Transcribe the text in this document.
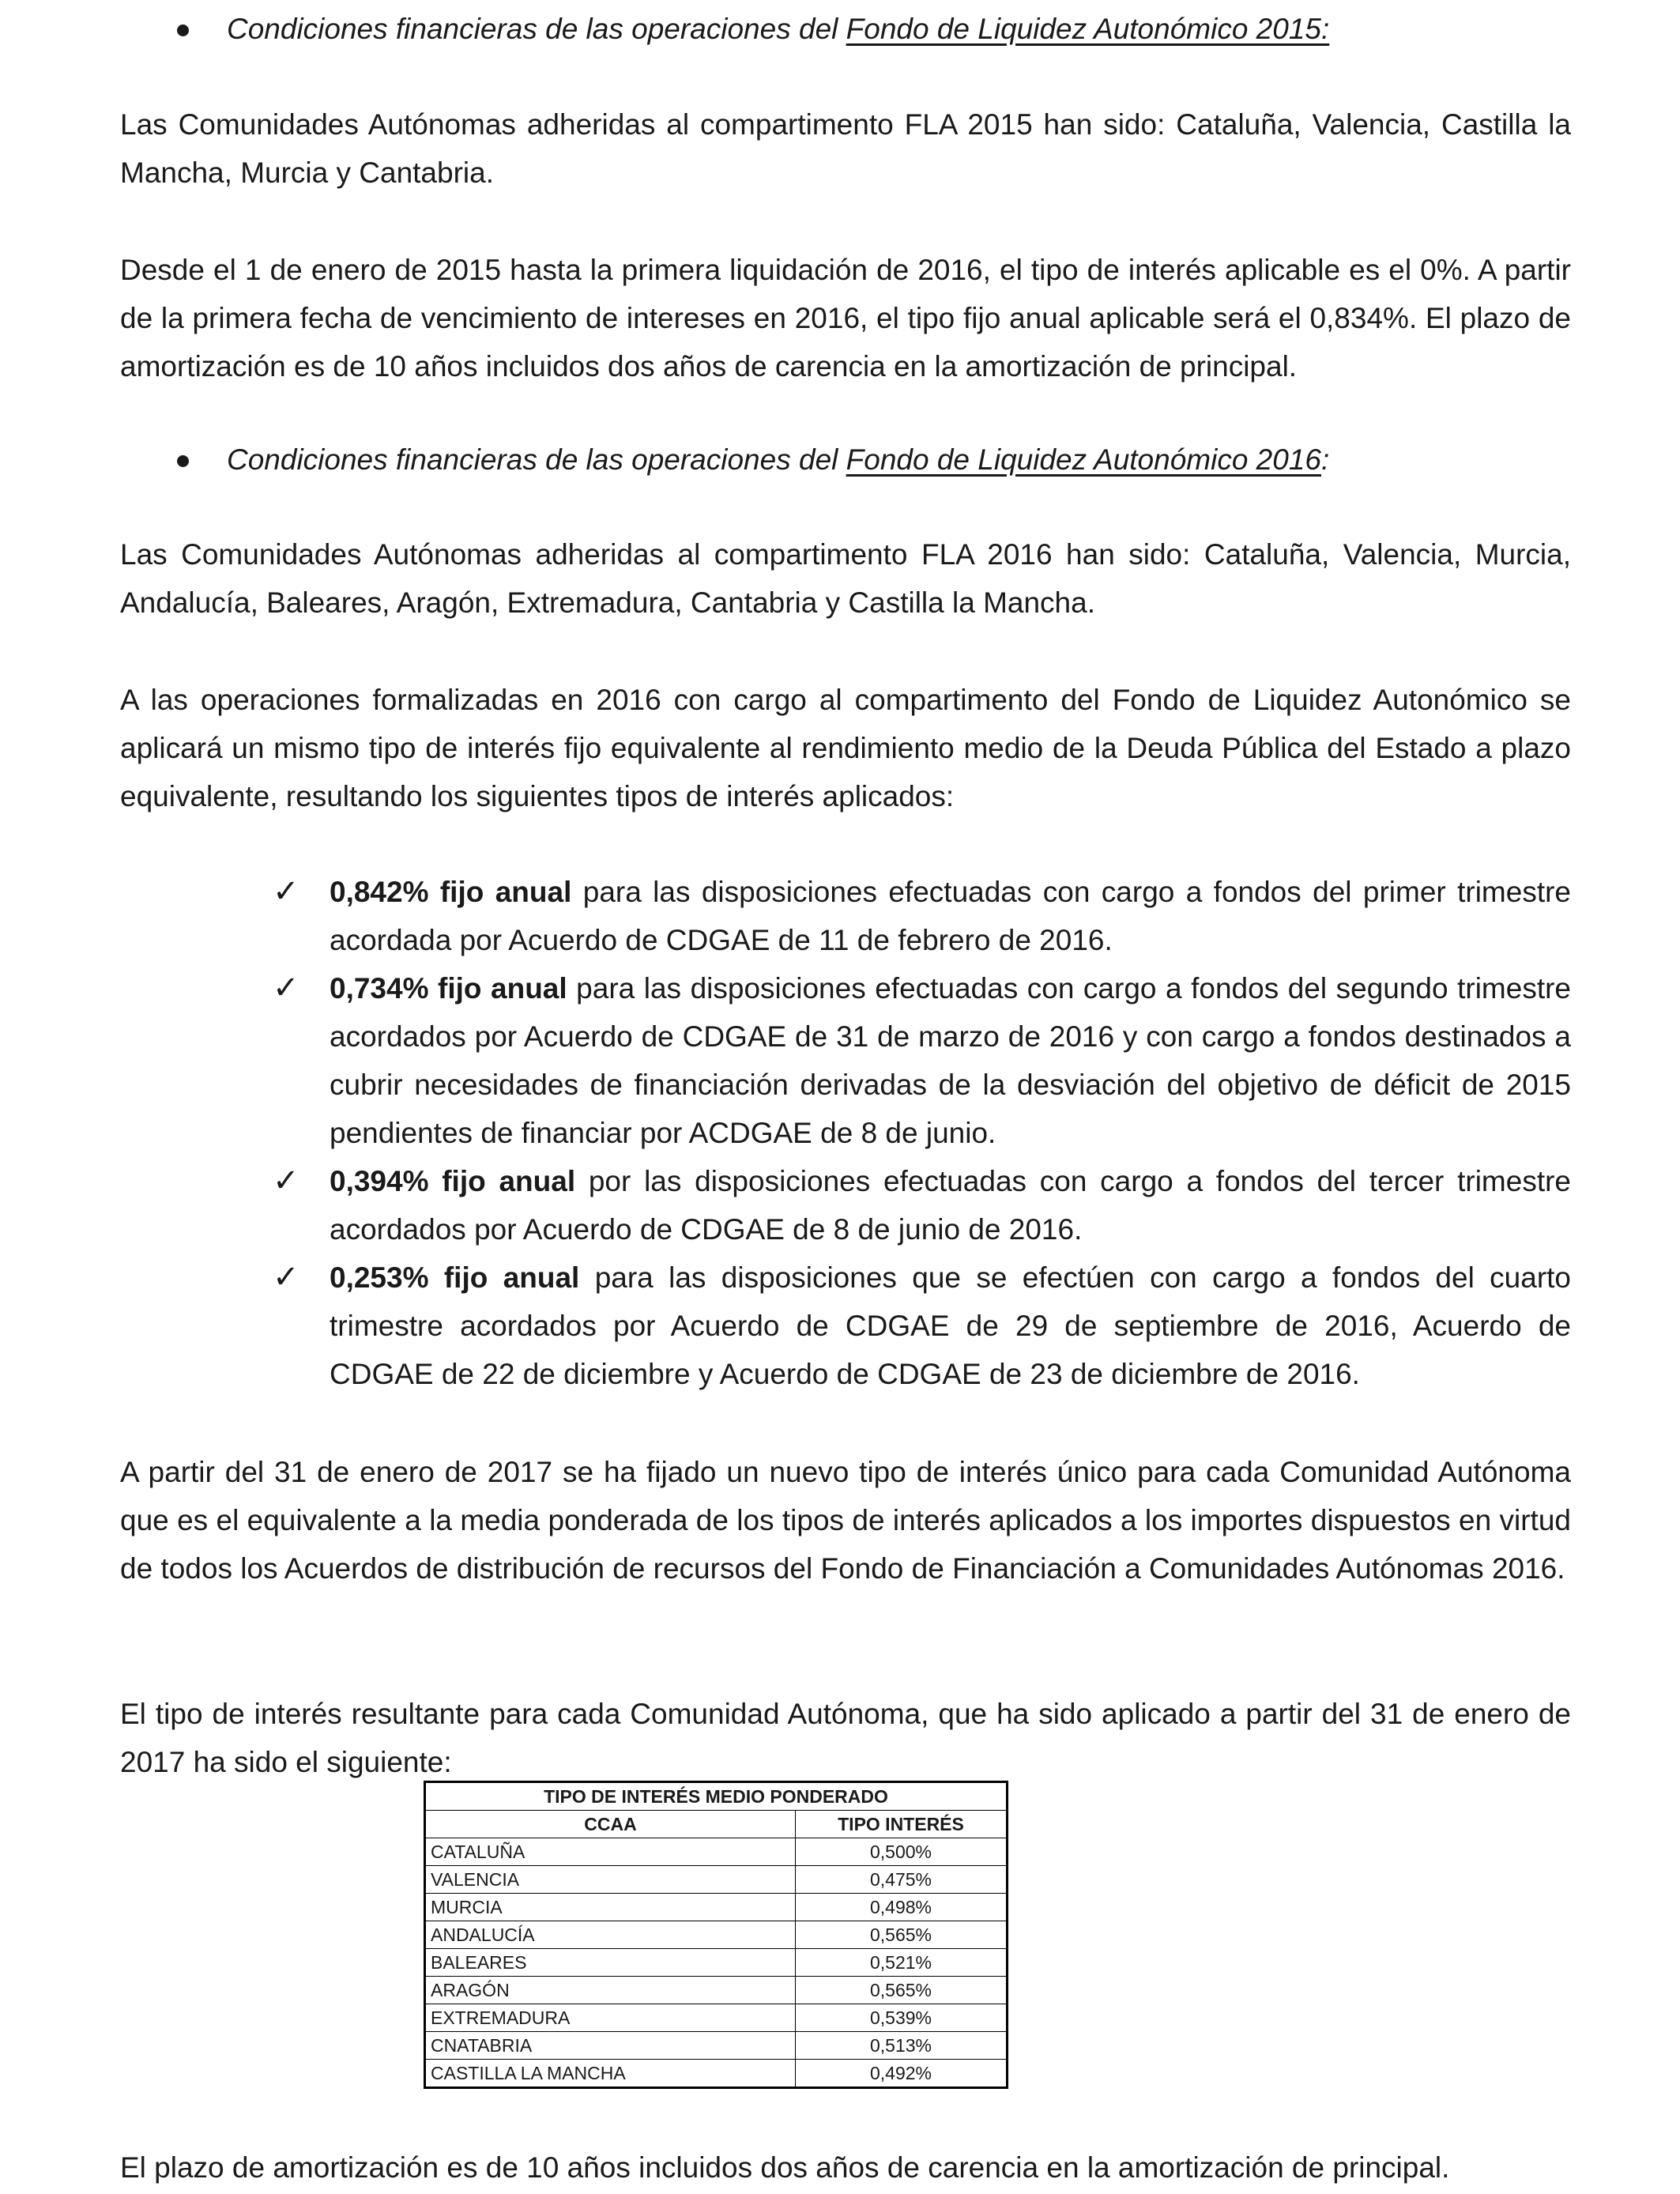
Condiciones financieras de las operaciones del Fondo de Liquidez Autonómico 2015:

Las Comunidades Autónomas adheridas al compartimento FLA 2015 han sido: Cataluña, Valencia, Castilla la Mancha, Murcia y Cantabria.

Desde el 1 de enero de 2015 hasta la primera liquidación de 2016, el tipo de interés aplicable es el 0%. A partir de la primera fecha de vencimiento de intereses en 2016, el tipo fijo anual aplicable será el 0,834%. El plazo de amortización es de 10 años incluidos dos años de carencia en la amortización de principal.

Condiciones financieras de las operaciones del Fondo de Liquidez Autonómico 2016:

Las Comunidades Autónomas adheridas al compartimento FLA 2016 han sido: Cataluña, Valencia, Murcia, Andalucía, Baleares, Aragón, Extremadura, Cantabria y Castilla la Mancha.

A las operaciones formalizadas en 2016 con cargo al compartimento del Fondo de Liquidez Autonómico se aplicará un mismo tipo de interés fijo equivalente al rendimiento medio de la Deuda Pública del Estado a plazo equivalente, resultando los siguientes tipos de interés aplicados:

✓ 0,842% fijo anual para las disposiciones efectuadas con cargo a fondos del primer trimestre acordada por Acuerdo de CDGAE de 11 de febrero de 2016.

✓ 0,734% fijo anual para las disposiciones efectuadas con cargo a fondos del segundo trimestre acordados por Acuerdo de CDGAE de 31 de marzo de 2016 y con cargo a fondos destinados a cubrir necesidades de financiación derivadas de la desviación del objetivo de déficit de 2015 pendientes de financiar por ACDGAE de 8 de junio.

✓ 0,394% fijo anual por las disposiciones efectuadas con cargo a fondos del tercer trimestre acordados por Acuerdo de CDGAE de 8 de junio de 2016.

✓ 0,253% fijo anual para las disposiciones que se efectúen con cargo a fondos del cuarto trimestre acordados por Acuerdo de CDGAE de 29 de septiembre de 2016, Acuerdo de CDGAE de 22 de diciembre y Acuerdo de CDGAE de 23 de diciembre de 2016.

A partir del 31 de enero de 2017 se ha fijado un nuevo tipo de interés único para cada Comunidad Autónoma que es el equivalente a la media ponderada de los tipos de interés aplicados a los importes dispuestos en virtud de todos los Acuerdos de distribución de recursos del Fondo de Financiación a Comunidades Autónomas 2016.

El tipo de interés resultante para cada Comunidad Autónoma, que ha sido aplicado a partir del 31 de enero de 2017 ha sido el siguiente:

El plazo de amortización es de 10 años incluidos dos años de carencia en la amortización de principal.

TIPO DE INTERÉS MEDIO PONDERADO	
CCAA	TIPO INTERÉS
CATALUÑA	0,500%
VALENCIA	0,475%
MURCIA	0,498%
ANDALUCÍA	0,565%
BALEARES	0,521%
ARAGÓN	0,565%
EXTREMADURA	0,539%
CNATABRIA	0,513%
CASTILLA LA MANCHA	0,492%
